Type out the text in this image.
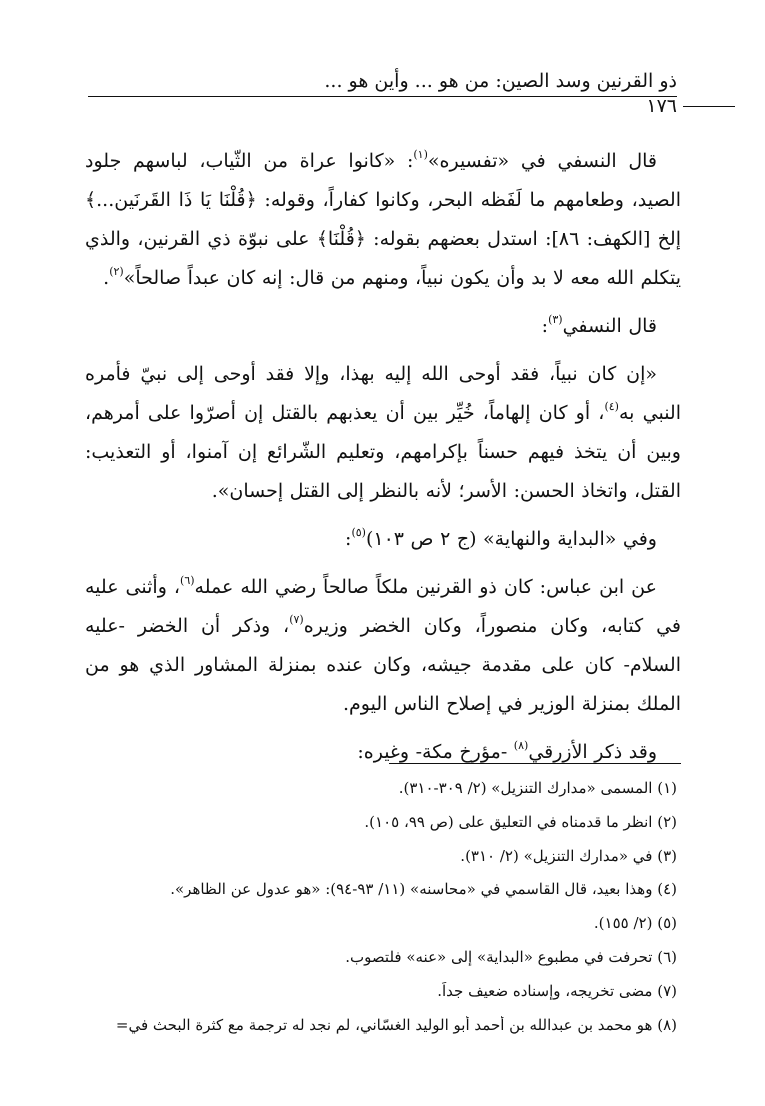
ذو القرنين وسد الصين: من هو ... وأين هو ...
١٧٦

قال النسفي في «تفسيره»$^{(١)}$: «كانوا عراة من الثّياب، لباسهم جلود الصيد، وطعامهم ما لَفَظه البحر، وكانوا كفاراً، وقوله: ﴿قُلْنَا يَا ذَا القَرنَين...﴾ إلخ [الكهف: ٨٦]: استدل بعضهم بقوله: ﴿قُلْنَا﴾ على نبوّة ذي القرنين، والذي يتكلم الله معه لا بد وأن يكون نبياً، ومنهم من قال: إنه كان عبداً صالحاً»$^{(٢)}$.

قال النسفي$^{(٣)}$:

«إن كان نبياً، فقد أوحى الله إليه بهذا، وإلا فقد أوحى إلى نبيّ فأمره النبي به$^{(٤)}$، أو كان إلهاماً، خُيِّر بين أن يعذبهم بالقتل إن أصرّوا على أمرهم، وبين أن يتخذ فيهم حسناً بإكرامهم، وتعليم الشّرائع إن آمنوا، أو التعذيب: القتل، واتخاذ الحسن: الأسر؛ لأنه بالنظر إلى القتل إحسان».

وفي «البداية والنهاية» (ج ٢ ص ١٠٣)$^{(٥)}$:

عن ابن عباس: كان ذو القرنين ملكاً صالحاً رضي الله عمله$^{(٦)}$، وأثنى عليه في كتابه، وكان منصوراً، وكان الخضر وزيره$^{(٧)}$، وذكر أن الخضر -عليه السلام- كان على مقدمة جيشه، وكان عنده بمنزلة المشاور الذي هو من الملك بمنزلة الوزير في إصلاح الناس اليوم.

وقد ذكر الأزرقي$^{(٨)}$ -مؤرخ مكة- وغيره:

(١) المسمى «مدارك التنزيل» (٢/ ٣٠٩-٣١٠).
(٢) انظر ما قدمناه في التعليق على (ص ٩٩، ١٠٥).
(٣) في «مدارك التنزيل» (٢/ ٣١٠).
(٤) وهذا بعيد، قال القاسمي في «محاسنه» (١١/ ٩٣-٩٤): «هو عدول عن الظاهر».
(٥) (٢/ ١٥٥).
(٦) تحرفت في مطبوع «البداية» إلى «عنه» فلتصوب.
(٧) مضى تخريجه، وإسناده ضعيف جداً.
(٨) هو محمد بن عبدالله بن أحمد أبو الوليد الغسّاني، لم نجد له ترجمة مع كثرة البحث في=
